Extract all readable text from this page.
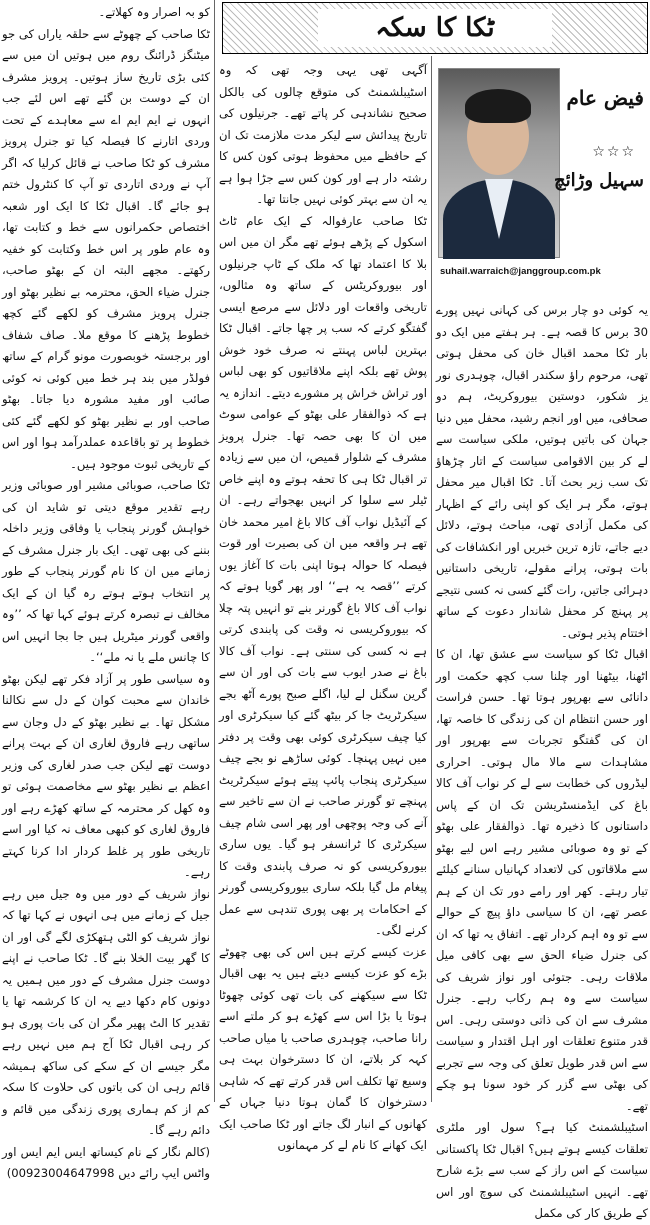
ٹکا کا سکہ
فیض عام
☆☆☆
سہیل وڑائچ
suhail.warraich@janggroup.com.pk

یہ کوئی دو چار برس کی کہانی نہیں پورے 30 برس کا قصہ ہے۔ ہر ہفتے میں ایک دو بار ٹکا محمد اقبال خان کی محفل ہوتی تھی، مرحوم راؤ سکندر اقبال، چوہدری نور یز شکور، دوستین بیوروکریٹ، ہم دو صحافی، میں اور انجم رشید، محفل میں دنیا جہان کی باتیں ہوتیں، ملکی سیاست سے لے کر بین الاقوامی سیاست کے اتار چڑھاؤ تک سب زیر بحث آتا۔ ٹکا اقبال میر محفل ہوتے، مگر ہر ایک کو اپنی رائے کے اظہار کی مکمل آزادی تھی، مباحث ہوتے، دلائل دیے جاتے، تازہ ترین خبریں اور انکشافات کی بات ہوتی، پرانے مقولے، تاریخی داستانیں دہرائی جاتیں، رات گئے کسی نہ کسی نتیجے پر پہنچ کر محفل شاندار دعوت کے ساتھ اختتام پذیر ہوتی۔

اقبال ٹکا کو سیاست سے عشق تھا، ان کا اٹھنا، بیٹھنا اور چلنا سب کچھ حکمت اور دانائی سے بھرپور ہوتا تھا۔ حسن فراست اور حسن انتظام ان کی زندگی کا خاصہ تھا، ان کی گفتگو تجربات سے بھرپور اور مشاہدات سے مالا مال ہوتی۔ احراری لیڈروں کی خطابت سے لے کر نواب آف کالا باغ کی ایڈمنسٹریشن تک ان کے پاس داستانوں کا ذخیرہ تھا۔ ذوالفقار علی بھٹو کے تو وہ صوبائی مشیر رہے اس لیے بھٹو سے ملاقاتوں کی لاتعداد کہانیاں سنانے کیلئے تیار رہتے۔ کھر اور رامے دور تک ان کے ہم عصر تھے، ان کا سیاسی داؤ پیچ کے حوالے سے تو وہ اہم کردار تھے۔ اتفاق یہ تھا کہ ان کی جنرل ضیاء الحق سے بھی کافی میل ملاقات رہی۔ جتوئی اور نواز شریف کی سیاست سے وہ ہم رکاب رہے۔ جنرل مشرف سے ان کی ذاتی دوستی رہی۔ اس قدر متنوع تعلقات اور اہل اقتدار و سیاست سے اس قدر طویل تعلق کی وجہ سے تجربے کی بھٹی سے گزر کر خود سونا ہو چکے تھے۔

اسٹیبلشمنٹ کیا ہے؟ سول اور ملٹری تعلقات کیسے ہوتے ہیں؟ اقبال ٹکا پاکستانی سیاست کے اس راز کے سب سے بڑے شارح تھے۔ انہیں اسٹیبلشمنٹ کی سوچ اور اس کے طریق کار کی مکمل

آگہی تھی یہی وجہ تھی کہ وہ اسٹیبلشمنٹ کی متوقع چالوں کی بالکل صحیح نشاندہی کر پاتے تھے۔ جرنیلوں کی تاریخ پیدائش سے لیکر مدت ملازمت تک ان کے حافظے میں محفوظ ہوتی کون کس کا رشتہ دار ہے اور کون کس سے جڑا ہوا ہے یہ ان سے بہتر کوئی نہیں جانتا تھا۔

ٹکا صاحب عارفوالہ کے ایک عام ٹاٹ اسکول کے پڑھے ہوئے تھے مگر ان میں اس بلا کا اعتماد تھا کہ ملک کے ٹاپ جرنیلوں اور بیوروکریٹس کے ساتھ وہ مثالوں، تاریخی واقعات اور دلائل سے مرصع ایسی گفتگو کرتے کہ سب پر چھا جاتے۔ اقبال ٹکا بہترین لباس پہنتے نہ صرف خود خوش پوش تھے بلکہ اپنے ملاقاتیوں کو بھی لباس اور تراش خراش پر مشورے دیتے۔ اندازہ یہ ہے کہ ذوالفقار علی بھٹو کے عوامی سوٹ میں ان کا بھی حصہ تھا۔ جنرل پرویز مشرف کے شلوار قمیص، ان میں سے زیادہ تر اقبال ٹکا ہی کا تحفہ ہوتے وہ اپنے خاص ٹیلر سے سلوا کر انہیں بھجواتے رہے۔ ان کے آئیڈیل نواب آف کالا باغ امیر محمد خان تھے ہر واقعہ میں ان کی بصیرت اور قوت فیصلہ کا حوالہ ہوتا اپنی بات کا آغاز یوں کرتے ’’قصہ یہ ہے‘‘ اور پھر گویا ہوتے کہ نواب آف کالا باغ گورنر بنے تو انہیں پتہ چلا کہ بیوروکریسی نہ وقت کی پابندی کرتی ہے نہ کسی کی سنتی ہے۔ نواب آف کالا باغ نے صدر ایوب سے بات کی اور ان سے گرین سگنل لے لیا، اگلے صبح پورے آٹھ بجے سیکرٹریٹ جا کر بیٹھ گئے کیا سیکرٹری اور کیا چیف سیکرٹری کوئی بھی وقت پر دفتر میں نہیں پہنچا۔ کوئی ساڑھے نو بجے چیف سیکرٹری پنجاب پائپ پیتے ہوئے سیکرٹریٹ پہنچے تو گورنر صاحب نے ان سے تاخیر سے آنے کی وجہ پوچھی اور پھر اسی شام چیف سیکرٹری کا ٹرانسفر ہو گیا۔ یوں ساری بیوروکریسی کو نہ صرف پابندی وقت کا پیغام مل گیا بلکہ ساری بیوروکریسی گورنر کے احکامات پر بھی پوری تندہی سے عمل کرنے لگی۔

عزت کیسے کرتے ہیں اس کی بھی چھوٹے بڑے کو عزت کیسے دیتے ہیں یہ بھی اقبال ٹکا سے سیکھنے کی بات تھی کوئی چھوٹا ہوتا یا بڑا اس سے کھڑے ہو کر ملتے اسے رانا صاحب، چوہدری صاحب یا میاں صاحب کہہ کر بلاتے، ان کا دسترخوان بہت ہی وسیع تھا تکلف اس قدر کرتے تھے کہ شاہی دسترخوان کا گمان ہوتا دنیا جہاں کے کھانوں کے انبار لگ جاتے اور ٹکا صاحب ایک ایک کھانے کا نام لے کر مہمانوں

کو بہ اصرار وہ کھلاتے۔

ٹکا صاحب کے چھوٹے سے حلقہ یاراں کی جو میٹنگز ڈرائنگ روم میں ہوتیں ان میں سے کئی بڑی تاریخ ساز ہوتیں۔ پرویز مشرف ان کے دوست بن گئے تھے اس لئے جب انہوں نے ایم ایم اے سے معاہدے کے تحت وردی اتارنے کا فیصلہ کیا تو جنرل پرویز مشرف کو ٹکا صاحب نے قائل کرلیا کہ اگر آپ نے وردی اتاردی تو آپ کا کنٹرول ختم ہو جائے گا۔ اقبال ٹکا کا ایک اور شعبہ اختصاص حکمرانوں سے خط و کتابت تھا، وہ عام طور پر اس خط وکتابت کو خفیہ رکھتے۔ مجھے البتہ ان کے بھٹو صاحب، جنرل ضیاء الحق، محترمہ بے نظیر بھٹو اور جنرل پرویز مشرف کو لکھے گئے کچھ خطوط پڑھنے کا موقع ملا۔ صاف شفاف اور برجستہ خوبصورت مونو گرام کے ساتھ فولڈر میں بند ہر خط میں کوئی نہ کوئی صائب اور مفید مشورہ دیا جاتا۔ بھٹو صاحب اور بے نظیر بھٹو کو لکھے گئے کئی خطوط پر تو باقاعدہ عملدرآمد ہوا اور اس کے تاریخی ثبوت موجود ہیں۔

ٹکا صاحب، صوبائی مشیر اور صوبائی وزیر رہے تقدیر موقع دیتی تو شاید ان کی خواہش گورنر پنجاب یا وفاقی وزیر داخلہ بننے کی بھی تھی۔ ایک بار جنرل مشرف کے زمانے میں ان کا نام گورنر پنجاب کے طور پر انتخاب ہوتے ہوتے رہ گیا ان کے ایک مخالف نے تبصرہ کرتے ہوئے کہا تھا کہ ’’وہ واقعی گورنر میٹریل ہیں جا بجا انہیں اس کا چانس ملے یا نہ ملے‘‘۔

وہ سیاسی طور پر آزاد فکر تھے لیکن بھٹو خاندان سے محبت کوان کے دل سے نکالنا مشکل تھا۔ بے نظیر بھٹو کے دل وجان سے ساتھی رہے فاروق لغاری ان کے بہت پرانے دوست تھے لیکن جب صدر لغاری کی وزیر اعظم بے نظیر بھٹو سے مخاصمت ہوئی تو وہ کھل کر محترمہ کے ساتھ کھڑے رہے اور فاروق لغاری کو کبھی معاف نہ کیا اور اسے تاریخی طور پر غلط کردار ادا کرنا کہتے رہے۔

نواز شریف کے دور میں وہ جیل میں رہے جیل کے زمانے میں ہی انہوں نے کہا تھا کہ نواز شریف کو الٹی ہتھکڑی لگے گی اور ان کا گھر بیت الخلا بنے گا۔ ٹکا صاحب نے اپنے دوست جنرل مشرف کے دور میں ہمیں یہ دونوں کام دکھا دیے یہ ان کا کرشمہ تھا یا تقدیر کا الٹ پھیر مگر ان کی بات پوری ہو کر رہی اقبال ٹکا آج ہم میں نہیں رہے مگر جیسے ان کے سکے کی ساکھ ہمیشہ قائم رہی ان کی باتوں کی حلاوت کا سکہ کم از کم ہماری پوری زندگی میں قائم و دائم رہے گا۔

(کالم نگار کے نام کیساتھ ایس ایم ایس اور واٹس ایپ رائے دیں 00923004647998)
